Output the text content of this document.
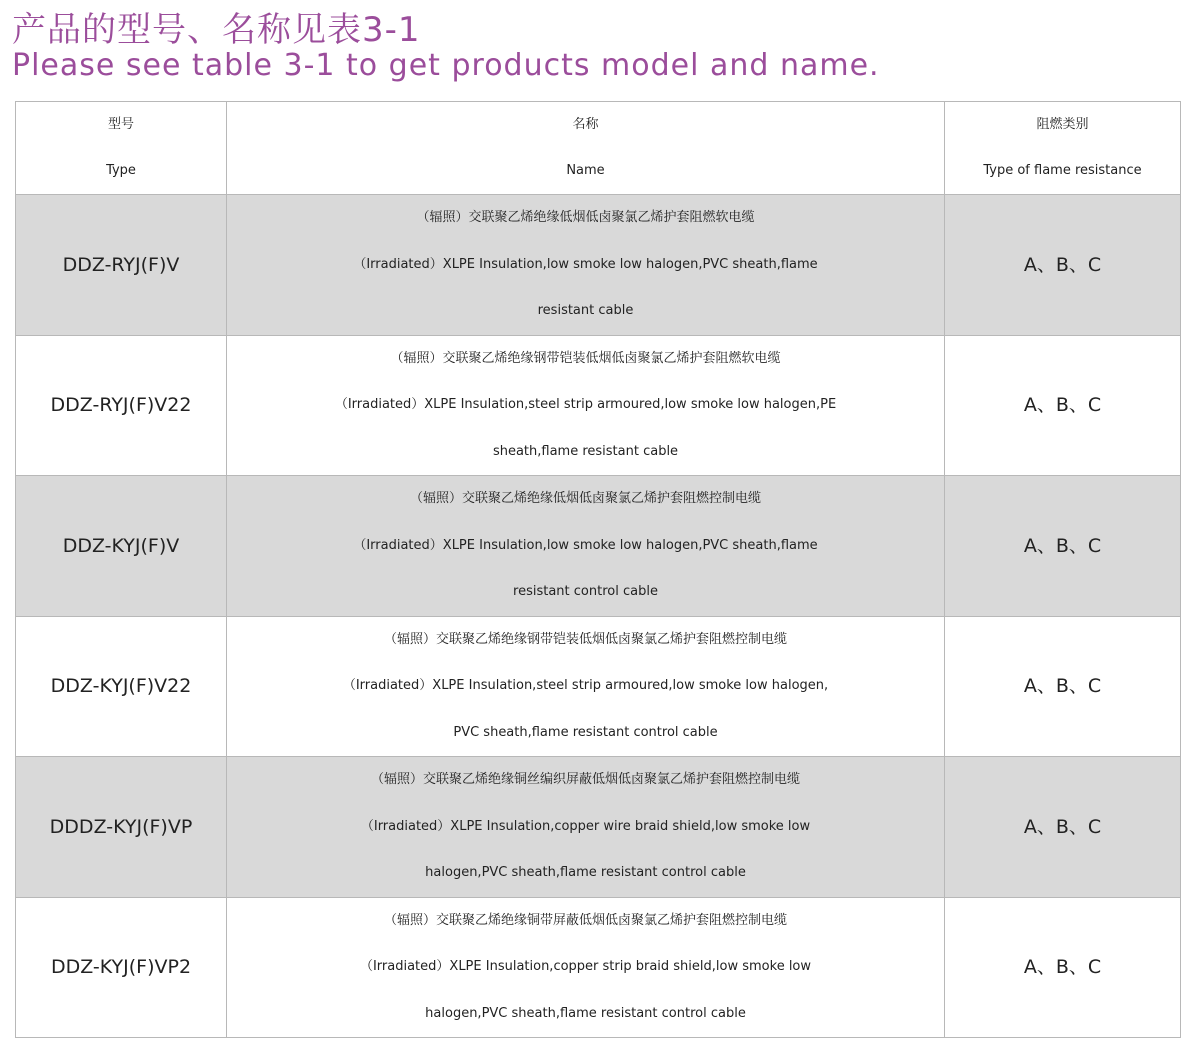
产品的型号、名称见表3-1
Please see table 3-1 to get products model and name.
型号
Type	名称
Name	阻燃类别
Type of flame resistance

DDZ-RYJ(F)V	（辐照）交联聚乙烯绝缘低烟低卤聚氯乙烯护套阻燃软电缆
（Irradiated）XLPE Insulation,low smoke low halogen,PVC sheath,flame
resistant cable	A、B、C
DDZ-RYJ(F)V22	（辐照）交联聚乙烯绝缘钢带铠装低烟低卤聚氯乙烯护套阻燃软电缆
（Irradiated）XLPE Insulation,steel strip armoured,low smoke low halogen,PE
sheath,flame resistant cable	A、B、C
DDZ-KYJ(F)V	（辐照）交联聚乙烯绝缘低烟低卤聚氯乙烯护套阻燃控制电缆
（Irradiated）XLPE Insulation,low smoke low halogen,PVC sheath,flame
resistant control cable	A、B、C
DDZ-KYJ(F)V22	（辐照）交联聚乙烯绝缘钢带铠装低烟低卤聚氯乙烯护套阻燃控制电缆
（Irradiated）XLPE Insulation,steel strip armoured,low smoke low halogen,
PVC sheath,flame resistant control cable	A、B、C
DDDZ-KYJ(F)VP	（辐照）交联聚乙烯绝缘铜丝编织屏蔽低烟低卤聚氯乙烯护套阻燃控制电缆
（Irradiated）XLPE Insulation,copper wire braid shield,low smoke low
halogen,PVC sheath,flame resistant control cable	A、B、C
DDZ-KYJ(F)VP2	（辐照）交联聚乙烯绝缘铜带屏蔽低烟低卤聚氯乙烯护套阻燃控制电缆
（Irradiated）XLPE Insulation,copper strip braid shield,low smoke low
halogen,PVC sheath,flame resistant control cable	A、B、C
